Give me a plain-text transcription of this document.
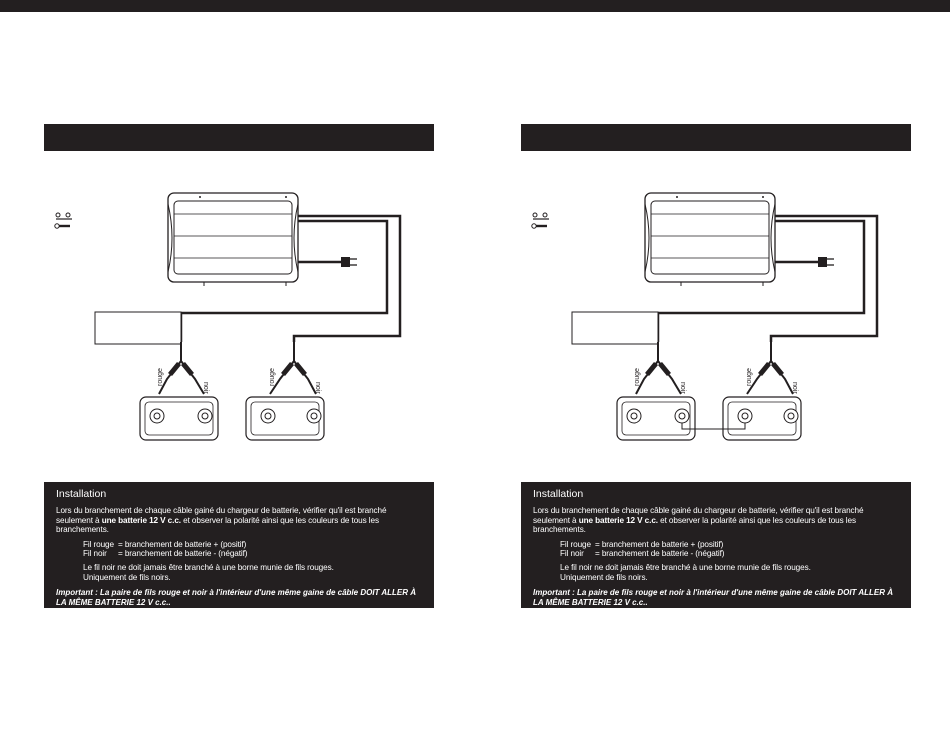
rouge
noir
rouge
noir
Installation
Lors du branchement de chaque câble gainé du chargeur de batterie, vérifier qu'il est branché seulement à une batterie 12 V c.c. et observer la polarité ainsi que les couleurs de tous les branchements.
Fil rouge = branchement de batterie + (positif)
Fil noir	= branchement de batterie - (négatif)
Le fil noir ne doit jamais être branché à une borne munie de fils rouges.
Uniquement de fils noirs.
Important : La paire de fils rouge et noir à l'intérieur d'une même gaine de câble DOIT ALLER À LA MÊME BATTERIE 12 V c.c..
rouge
noir
rouge
noir
Installation
Lors du branchement de chaque câble gainé du chargeur de batterie, vérifier qu'il est branché seulement à une batterie 12 V c.c. et observer la polarité ainsi que les couleurs de tous les branchements.
Fil rouge = branchement de batterie + (positif)
Fil noir	= branchement de batterie - (négatif)
Le fil noir ne doit jamais être branché à une borne munie de fils rouges.
Uniquement de fils noirs.
Important : La paire de fils rouge et noir à l'intérieur d'une même gaine de câble DOIT ALLER À LA MÊME BATTERIE 12 V c.c..
